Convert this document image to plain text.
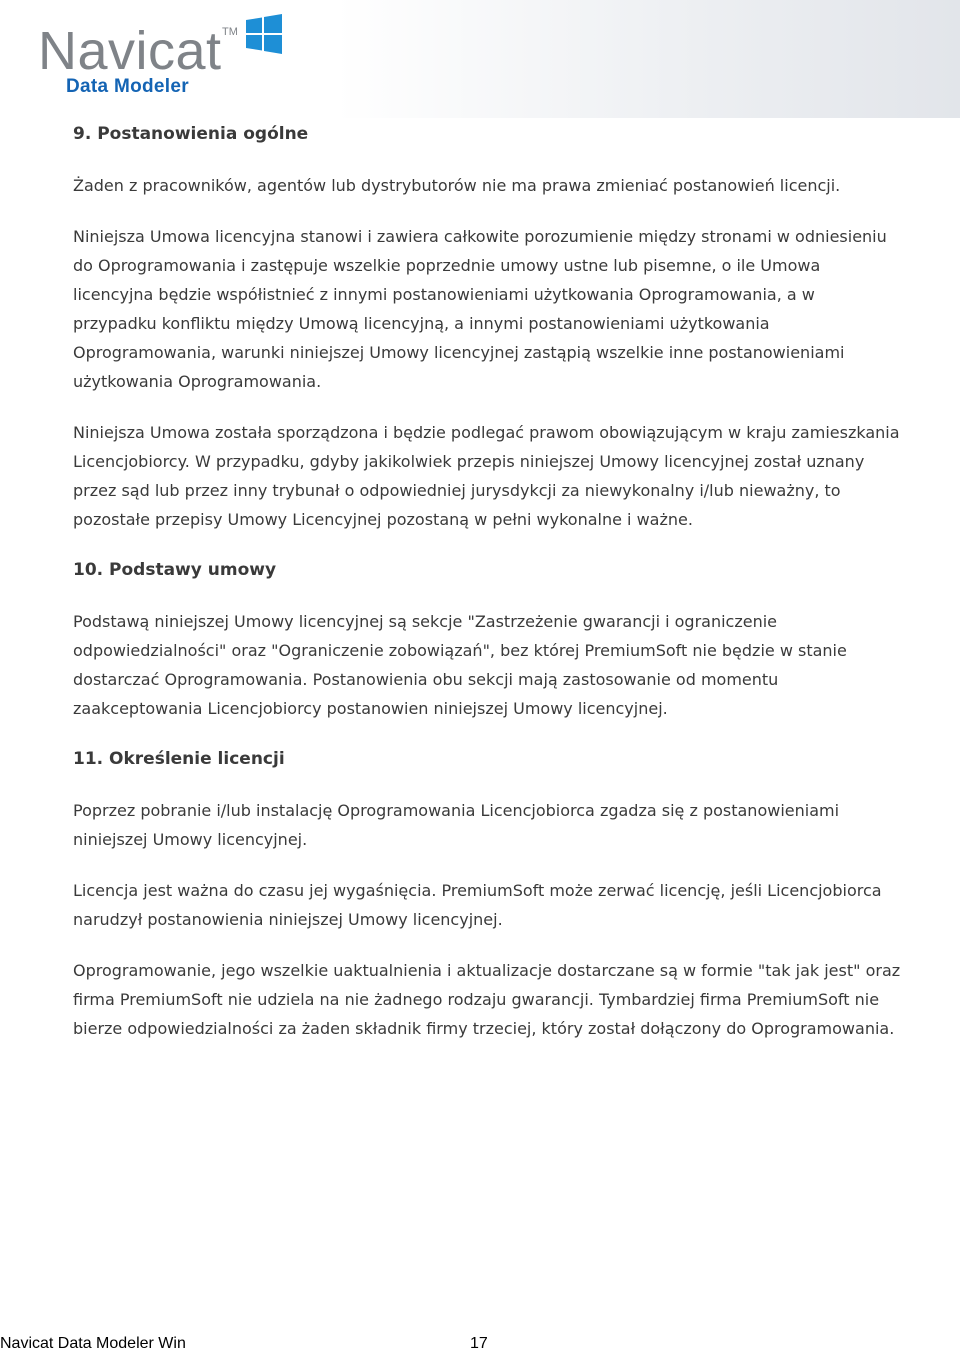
Navicat TM
Data Modeler
9. Postanowienia ogólne

Żaden z pracowników, agentów lub dystrybutorów nie ma prawa zmieniać postanowień licencji.

Niniejsza Umowa licencyjna stanowi i zawiera całkowite porozumienie między stronami w odniesieniu do Oprogramowania i zastępuje wszelkie poprzednie umowy ustne lub pisemne, o ile Umowa licencyjna będzie współistnieć z innymi postanowieniami użytkowania Oprogramowania, a w przypadku konfliktu między Umową licencyjną, a innymi postanowieniami użytkowania Oprogramowania, warunki niniejszej Umowy licencyjnej zastąpią wszelkie inne postanowieniami użytkowania Oprogramowania.

Niniejsza Umowa została sporządzona i będzie podlegać prawom obowiązującym w kraju zamieszkania Licencjobiorcy. W przypadku, gdyby jakikolwiek przepis niniejszej Umowy licencyjnej został uznany przez sąd lub przez inny trybunał o odpowiedniej jurysdykcji za niewykonalny i/lub nieważny, to pozostałe przepisy Umowy Licencyjnej pozostaną w pełni wykonalne i ważne.

10. Podstawy umowy

Podstawą niniejszej Umowy licencyjnej są sekcje "Zastrzeżenie gwarancji i ograniczenie odpowiedzialności" oraz "Ograniczenie zobowiązań", bez której PremiumSoft nie będzie w stanie dostarczać Oprogramowania. Postanowienia obu sekcji mają zastosowanie od momentu zaakceptowania Licencjobiorcy postanowien niniejszej Umowy licencyjnej.

11. Określenie licencji

Poprzez pobranie i/lub instalację Oprogramowania Licencjobiorca zgadza się z postanowieniami niniejszej Umowy licencyjnej.

Licencja jest ważna do czasu jej wygaśnięcia. PremiumSoft może zerwać licencję, jeśli Licencjobiorca narudzył postanowienia niniejszej Umowy licencyjnej.

Oprogramowanie, jego wszelkie uaktualnienia i aktualizacje dostarczane są w formie "tak jak jest" oraz firma PremiumSoft nie udziela na nie żadnego rodzaju gwarancji. Tymbardziej firma PremiumSoft nie bierze odpowiedzialności za żaden składnik firmy trzeciej, który został dołączony do Oprogramowania.

Navicat Data Modeler Win	17
